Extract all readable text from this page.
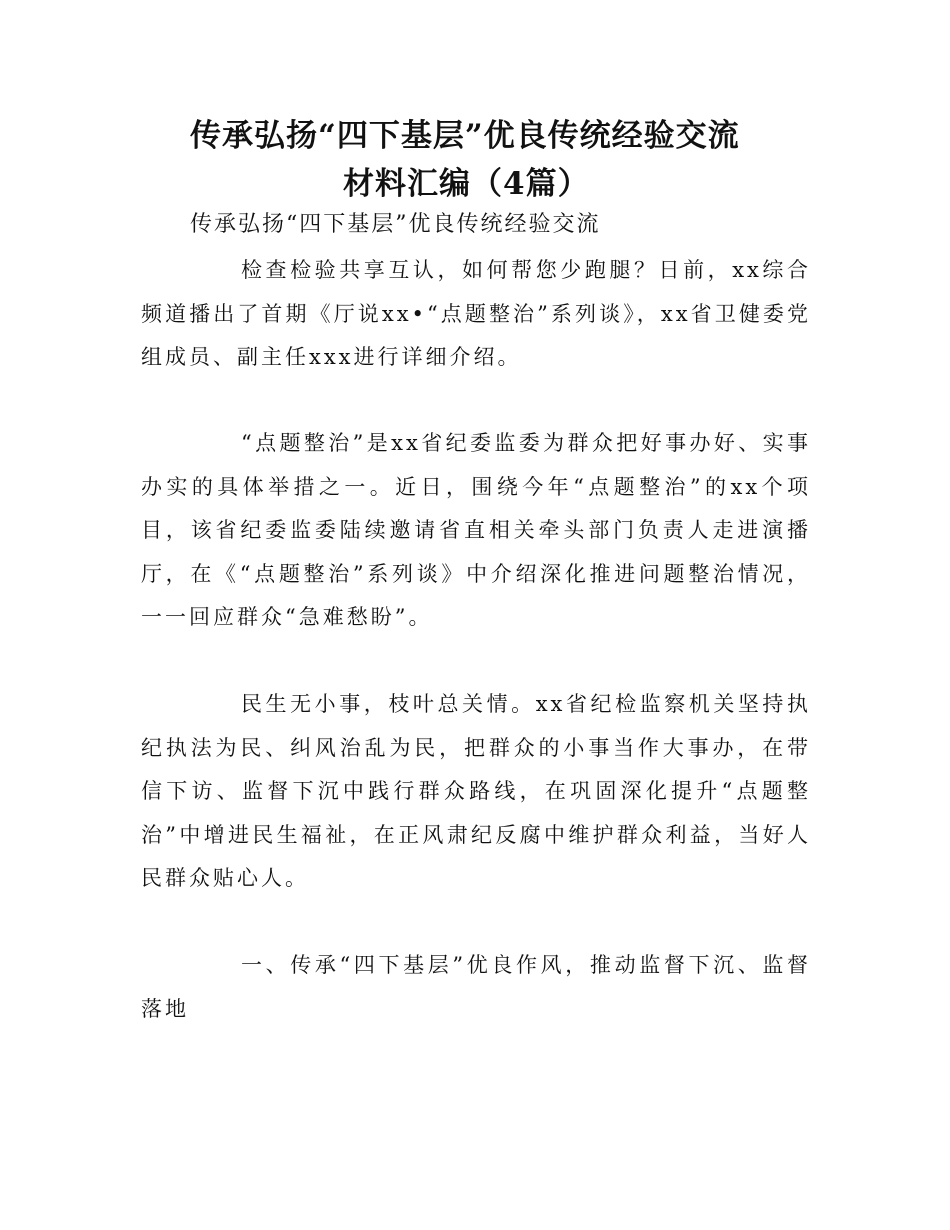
传承弘扬“四下基层”优良传统经验交流
材料汇编（4篇）

传承弘扬“四下基层”优良传统经验交流

检查检验共享互认，如何帮您少跑腿？日前，xx综合频道播出了首期《厅说xx•“点题整治”系列谈》，xx省卫健委党组成员、副主任xxx进行详细介绍。

“点题整治”是xx省纪委监委为群众把好事办好、实事办实的具体举措之一。近日，围绕今年“点题整治”的xx个项目，该省纪委监委陆续邀请省直相关牵头部门负责人走进演播厅，在《“点题整治”系列谈》中介绍深化推进问题整治情况，一一回应群众“急难愁盼”。

民生无小事，枝叶总关情。xx省纪检监察机关坚持执纪执法为民、纠风治乱为民，把群众的小事当作大事办，在带信下访、监督下沉中践行群众路线，在巩固深化提升“点题整治”中增进民生福祉，在正风肃纪反腐中维护群众利益，当好人民群众贴心人。

一、传承“四下基层”优良作风，推动监督下沉、监督落地
